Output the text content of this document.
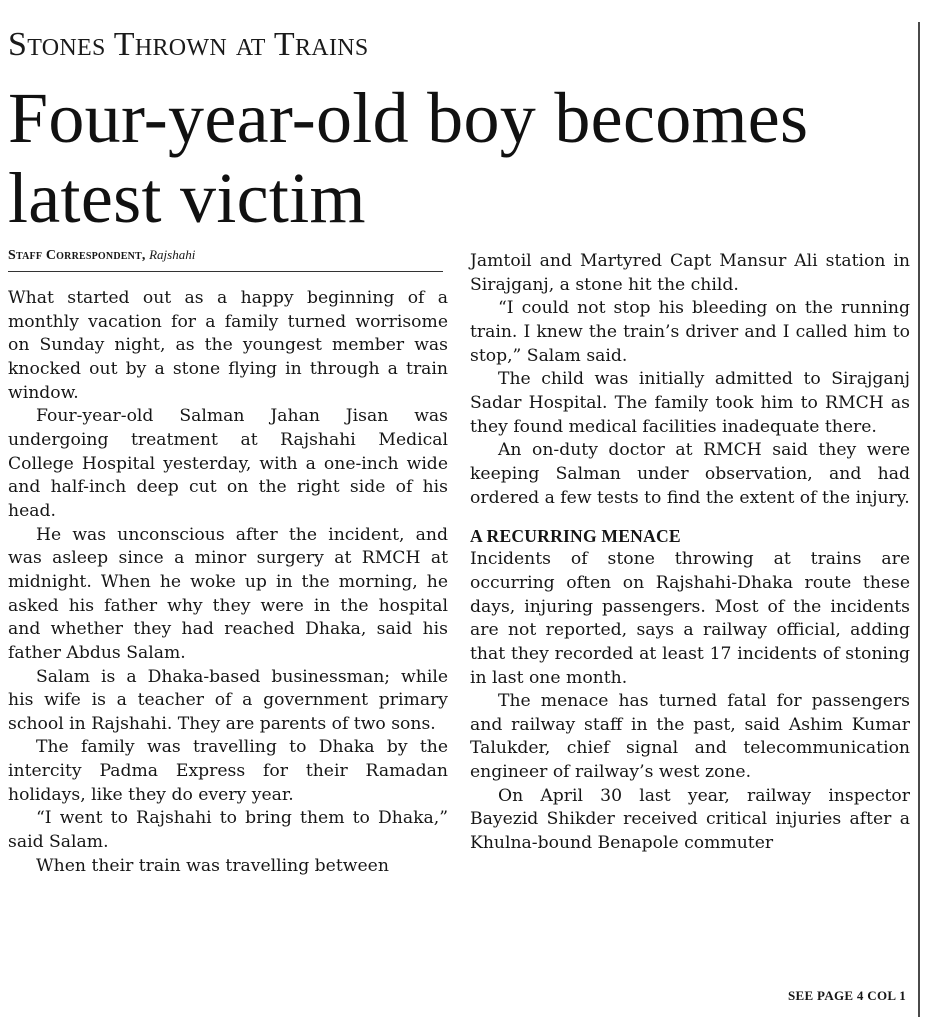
Stones Thrown at Trains
Four-year-old boy becomes latest victim
Staff Correspondent, Rajshahi

What started out as a happy beginning of a monthly vacation for a family turned worrisome on Sunday night, as the youngest member was knocked out by a stone flying in through a train window.

Four-year-old Salman Jahan Jisan was undergoing treatment at Rajshahi Medical College Hospital yesterday, with a one-inch wide and half-inch deep cut on the right side of his head.

He was unconscious after the incident, and was asleep since a minor surgery at RMCH at midnight. When he woke up in the morning, he asked his father why they were in the hospital and whether they had reached Dhaka, said his father Abdus Salam.

Salam is a Dhaka-based businessman; while his wife is a teacher of a government primary school in Rajshahi. They are parents of two sons.

The family was travelling to Dhaka by the intercity Padma Express for their Ramadan holidays, like they do every year.

“I went to Rajshahi to bring them to Dhaka,” said Salam.

When their train was travelling between

Jamtoil and Martyred Capt Mansur Ali station in Sirajganj, a stone hit the child.

“I could not stop his bleeding on the running train. I knew the train’s driver and I called him to stop,” Salam said.

The child was initially admitted to Sirajganj Sadar Hospital. The family took him to RMCH as they found medical facilities inadequate there.

An on-duty doctor at RMCH said they were keeping Salman under observation, and had ordered a few tests to find the extent of the injury.

A RECURRING MENACE

Incidents of stone throwing at trains are occurring often on Rajshahi-Dhaka route these days, injuring passengers. Most of the incidents are not reported, says a railway official, adding that they recorded at least 17 incidents of stoning in last one month.

The menace has turned fatal for passengers and railway staff in the past, said Ashim Kumar Talukder, chief signal and telecommunication engineer of railway’s west zone.

On April 30 last year, railway inspector Bayezid Shikder received critical injuries after a Khulna-bound Benapole commuter

SEE PAGE 4 COL 1
